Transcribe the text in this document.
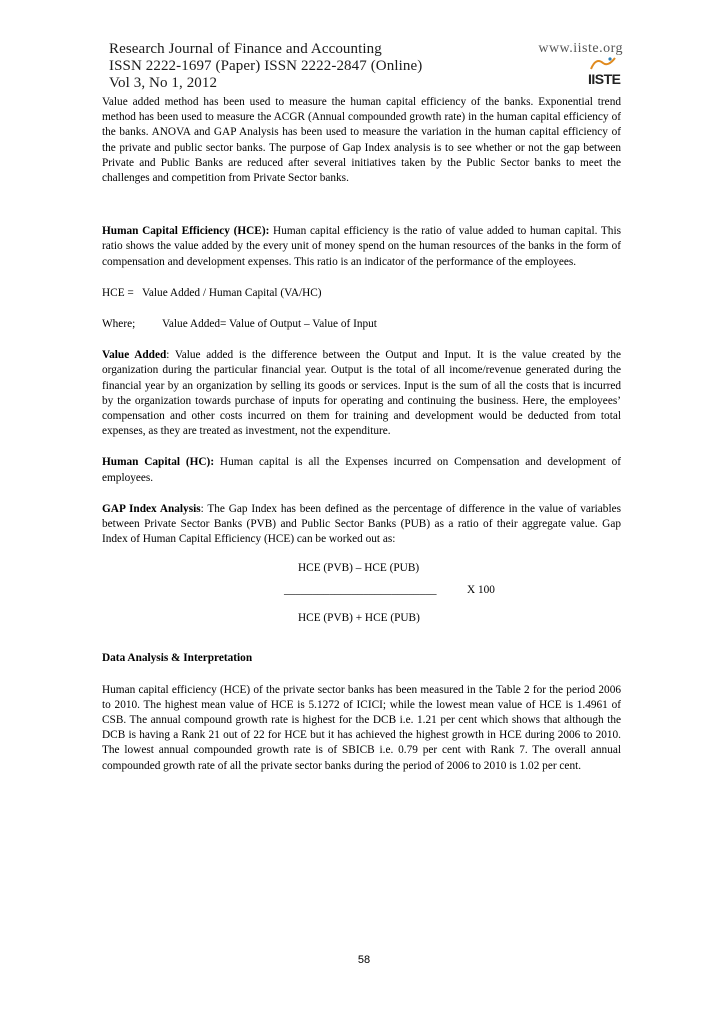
Research Journal of Finance and Accounting
ISSN 2222-1697 (Paper) ISSN 2222-2847 (Online)
Vol 3, No 1, 2012
www.iiste.org
IISTE

Value added method has been used to measure the human capital efficiency of the banks. Exponential trend method has been used to measure the ACGR (Annual compounded growth rate) in the human capital efficiency of the banks. ANOVA and GAP Analysis has been used to measure the variation in the human capital efficiency of the private and public sector banks. The purpose of Gap Index analysis is to see whether or not the gap between Private and Public Banks are reduced after several initiatives taken by the Public Sector banks to meet the challenges and competition from Private Sector banks.

Human Capital Efficiency (HCE): Human capital efficiency is the ratio of value added to human capital. This ratio shows the value added by the every unit of money spend on the human resources of the banks in the form of compensation and development expenses. This ratio is an indicator of the performance of the employees.

HCE = Value Added / Human Capital (VA/HC)
Where;	Value Added= Value of Output – Value of Input

Value Added: Value added is the difference between the Output and Input. It is the value created by the organization during the particular financial year. Output is the total of all income/revenue generated during the financial year by an organization by selling its goods or services. Input is the sum of all the costs that is incurred by the organization towards purchase of inputs for operating and continuing the business. Here, the employees’ compensation and other costs incurred on them for training and development would be deducted from total expenses, as they are treated as investment, not the expenditure.

Human Capital (HC): Human capital is all the Expenses incurred on Compensation and development of employees.

GAP Index Analysis: The Gap Index has been defined as the percentage of difference in the value of variables between Private Sector Banks (PVB) and Public Sector Banks (PUB) as a ratio of their aggregate value. Gap Index of Human Capital Efficiency (HCE) can be worked out as:

HCE (PVB) – HCE (PUB)
___________________________	X 100
HCE (PVB) + HCE (PUB)

Data Analysis & Interpretation

Human capital efficiency (HCE) of the private sector banks has been measured in the Table 2 for the period 2006 to 2010. The highest mean value of HCE is 5.1272 of ICICI; while the lowest mean value of HCE is 1.4961 of CSB. The annual compound growth rate is highest for the DCB i.e. 1.21 per cent which shows that although the DCB is having a Rank 21 out of 22 for HCE but it has achieved the highest growth in HCE during 2006 to 2010. The lowest annual compounded growth rate is of SBICB i.e. 0.79 per cent with Rank 7. The overall annual compounded growth rate of all the private sector banks during the period of 2006 to 2010 is 1.02 per cent.

58
